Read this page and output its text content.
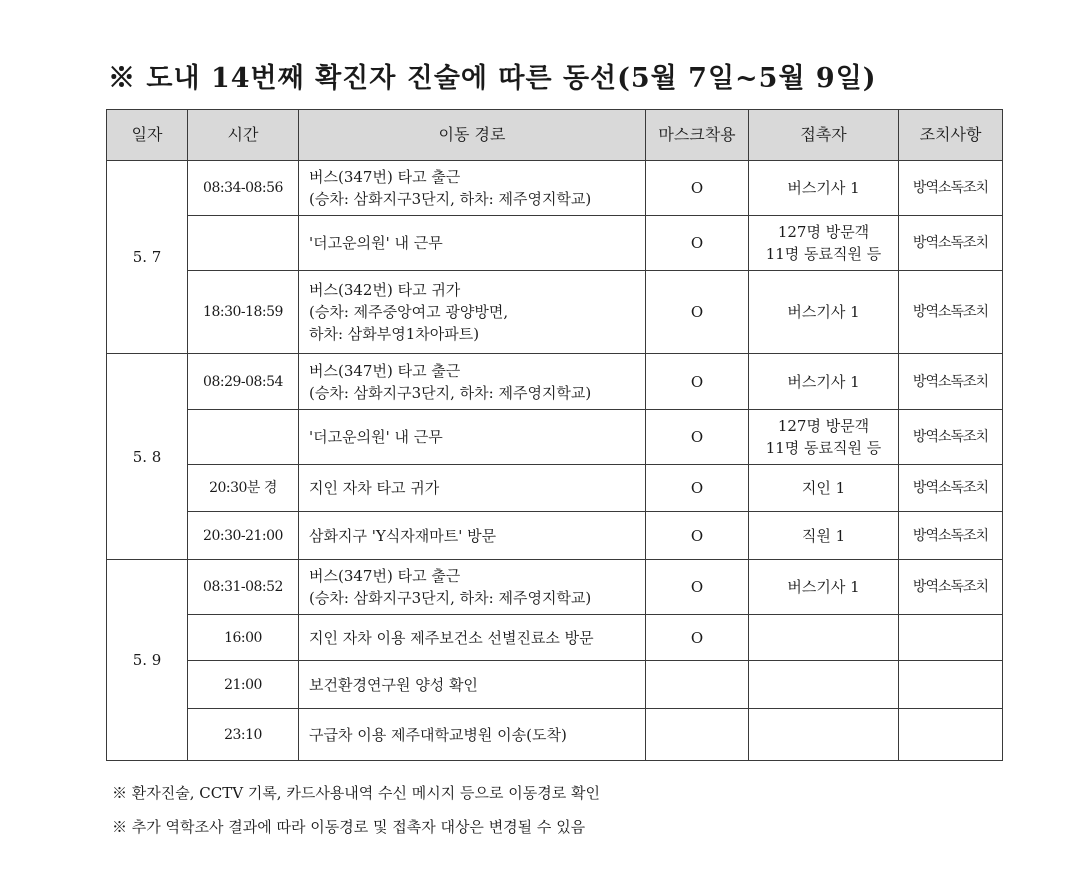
※ 도내 14번째 확진자 진술에 따른 동선(5월 7일~5월 9일)
일자	시간	이동 경로	마스크착용	접촉자	조치사항
5. 7	08:34-08:56	버스(347번) 타고 출근
(승차: 삼화지구3단지, 하차: 제주영지학교)	O	버스기사 1	방역소독조치

		'더고운의원' 내 근무	O	127명 방문객
11명 동료직원 등	방역소독조치
	18:30-18:59	버스(342번) 타고 귀가
(승차: 제주중앙여고 광양방면,
하차: 삼화부영1차아파트)	O	버스기사 1	방역소독조치
5. 8	08:29-08:54	버스(347번) 타고 출근
(승차: 삼화지구3단지, 하차: 제주영지학교)	O	버스기사 1	방역소독조치

		'더고운의원' 내 근무	O	127명 방문객
11명 동료직원 등	방역소독조치
	20:30분 경	지인 자차 타고 귀가	O	지인 1	방역소독조치
	20:30-21:00	삼화지구 'Y식자재마트' 방문	O	직원 1	방역소독조치
5. 9	08:31-08:52	버스(347번) 타고 출근
(승차: 삼화지구3단지, 하차: 제주영지학교)	O	버스기사 1	방역소독조치
	16:00	지인 자차 이용 제주보건소 선별진료소 방문	O		
	21:00	보건환경연구원 양성 확인			

	23:10	구급차 이용 제주대학교병원 이송(도착)			

※ 환자진술, CCTV 기록, 카드사용내역 수신 메시지 등으로 이동경로 확인
※ 추가 역학조사 결과에 따라 이동경로 및 접촉자 대상은 변경될 수 있음
